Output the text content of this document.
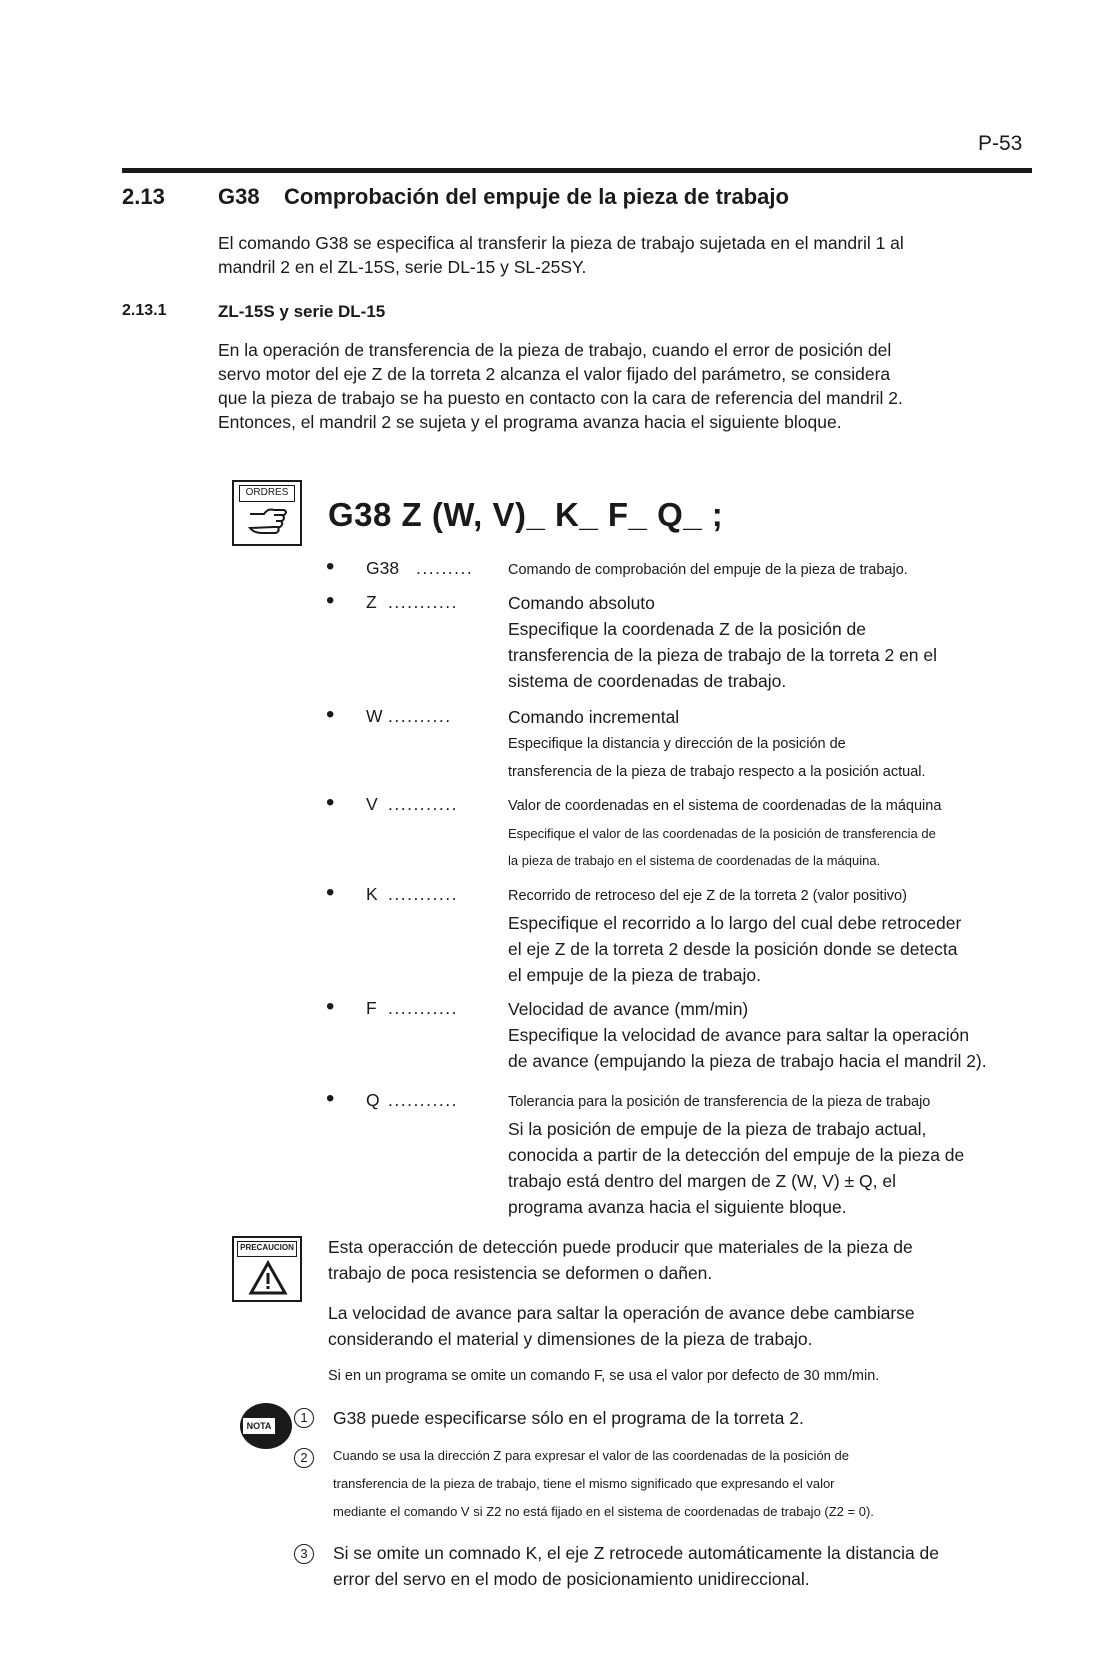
P-53
2.13 G38    Comprobación del empuje de la pieza de trabajo
El comando G38 se especifica al transferir la pieza de trabajo sujetada en el mandril 1 al
mandril 2 en el ZL-15S, serie DL-15 y SL-25SY.
2.13.1	ZL-15S y serie DL-15
En la operación de transferencia de la pieza de trabajo, cuando el error de posición del
servo motor del eje Z de la torreta 2 alcanza el valor fijado del parámetro, se considera
que la pieza de trabajo se ha puesto en contacto con la cara de referencia del mandril 2.
Entonces, el mandril 2 se sujeta y el programa avanza hacia el siguiente bloque.
ORDRES
G38 Z (W, V)_ K_ F_ Q_ ;
• G38 ......... Comando de comprobación del empuje de la pieza de trabajo.
• Z ...........	Comando absoluto
Especifique la coordenada Z de la posición de
transferencia de la pieza de trabajo de la torreta 2 en el
sistema de coordenadas de trabajo.
• W ..........	Comando incremental
Especifique la distancia y dirección de la posición de
transferencia de la pieza de trabajo respecto a la posición actual.
• V ...........	Valor de coordenadas en el sistema de coordenadas de la máquina
Especifique el valor de las coordenadas de la posición de transferencia de
la pieza de trabajo en el sistema de coordenadas de la máquina.
• K ...........	Recorrido de retroceso del eje Z de la torreta 2 (valor positivo)
Especifique el recorrido a lo largo del cual debe retroceder
el eje Z de la torreta 2 desde la posición donde se detecta
el empuje de la pieza de trabajo.
• F ...........	Velocidad de avance (mm/min)
Especifique la velocidad de avance para saltar la operación
de avance (empujando la pieza de trabajo hacia el mandril 2).
• Q ...........	Tolerancia para la posición de transferencia de la pieza de trabajo
Si la posición de empuje de la pieza de trabajo actual,
conocida a partir de la detección del empuje de la pieza de
trabajo está dentro del margen de Z (W, V) ± Q, el
programa avanza hacia el siguiente bloque.
PRECAUCION Esta operacción de detección puede producir que materiales de la pieza de
trabajo de poca resistencia se deformen o dañen.
La velocidad de avance para saltar la operación de avance debe cambiarse
considerando el material y dimensiones de la pieza de trabajo.
Si en un programa se omite un comando F, se usa el valor por defecto de 30 mm/min.
NOTA
1	G38 puede especificarse sólo en el programa de la torreta 2.
2	Cuando se usa la dirección Z para expresar el valor de las coordenadas de la posición de
transferencia de la pieza de trabajo, tiene el mismo significado que expresando el valor
mediante el comando V si Z2 no está fijado en el sistema de coordenadas de trabajo (Z2 = 0).
3	Si se omite un comnado K, el eje Z retrocede automáticamente la distancia de
error del servo en el modo de posicionamiento unidireccional.
